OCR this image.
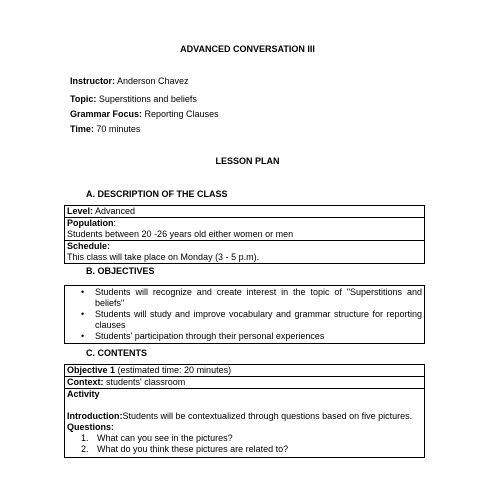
ADVANCED CONVERSATION III
Instructor: Anderson Chavez
Topic: Superstitions and beliefs
Grammar Focus: Reporting Clauses
Time: 70 minutes
LESSON PLAN
A. DESCRIPTION OF THE CLASS
Level: Advanced
Population:
Students between 20 -26 years old either women or men
Schedule:
This class will take place on Monday (3 - 5 p.m).
B. OBJECTIVES
• Students will recognize and create interest in the topic of "Superstitions and beliefs"
• Students will study and improve vocabulary and grammar structure for reporting clauses
• Students' participation through their personal experiences
C. CONTENTS
Objective 1 (estimated time: 20 minutes)
Context: students' classroom
Activity
Introduction:Students will be contextualized through questions based on five pictures.
Questions:
1. What can you see in the pictures?
2. What do you think these pictures are related to?
